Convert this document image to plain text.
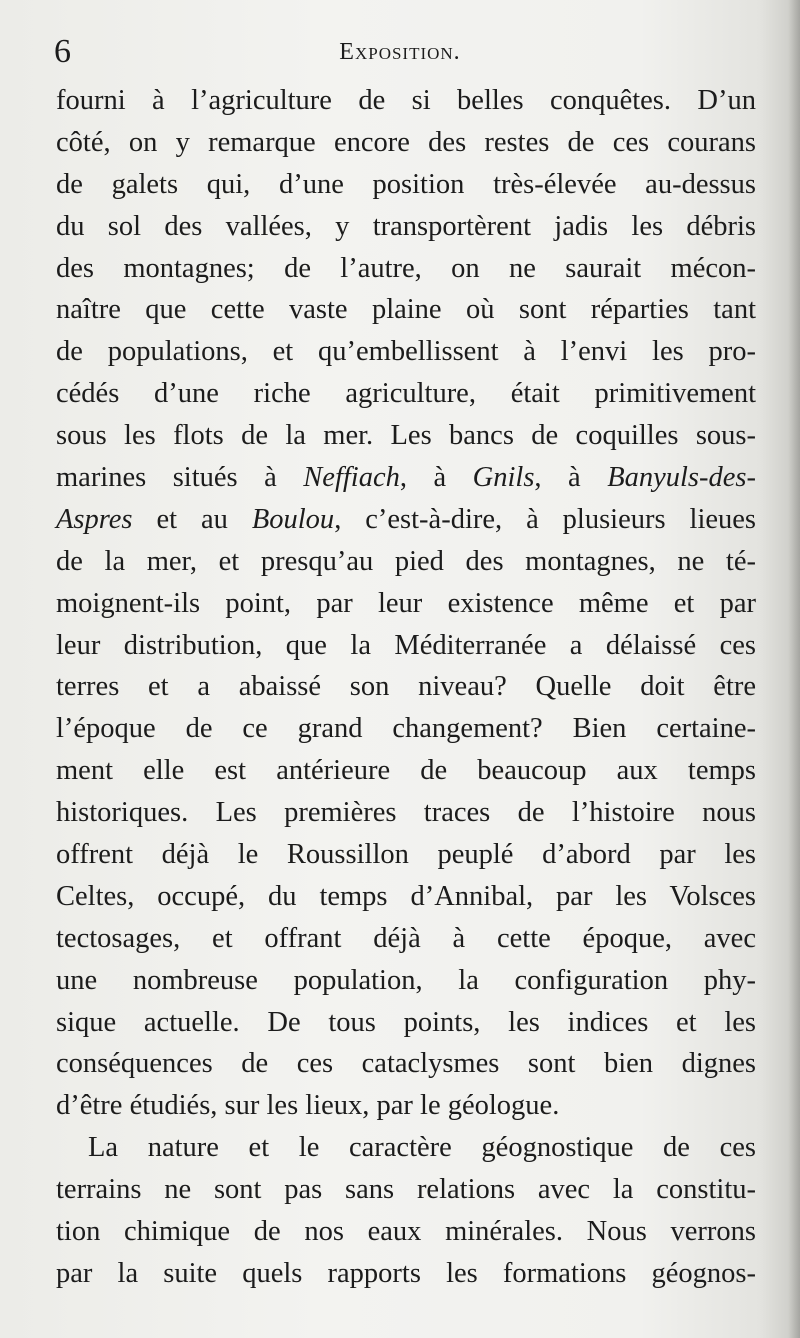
6	Exposition.
fourni à l’agriculture de si belles conquêtes. D’un
côté, on y remarque encore des restes de ces courans
de galets qui, d’une position très-élevée au-dessus
du sol des vallées, y transportèrent jadis les débris
des montagnes; de l’autre, on ne saurait mécon-
naître que cette vaste plaine où sont réparties tant
de populations, et qu’embellissent à l’envi les pro-
cédés d’une riche agriculture, était primitivement
sous les flots de la mer. Les bancs de coquilles sous-
marines situés à Neffiach, à Gnils, à Banyuls-des-
Aspres et au Boulou, c’est-à-dire, à plusieurs lieues
de la mer, et presqu’au pied des montagnes, ne té-
moignent-ils point, par leur existence même et par
leur distribution, que la Méditerranée a délaissé ces
terres et a abaissé son niveau? Quelle doit être
l’époque de ce grand changement? Bien certaine-
ment elle est antérieure de beaucoup aux temps
historiques. Les premières traces de l’histoire nous
offrent déjà le Roussillon peuplé d’abord par les
Celtes, occupé, du temps d’Annibal, par les Volsces
tectosages, et offrant déjà à cette époque, avec
une nombreuse population, la configuration phy-
sique actuelle. De tous points, les indices et les
conséquences de ces cataclysmes sont bien dignes
d’être étudiés, sur les lieux, par le géologue.
La nature et le caractère géognostique de ces
terrains ne sont pas sans relations avec la constitu-
tion chimique de nos eaux minérales. Nous verrons
par la suite quels rapports les formations géognos-
